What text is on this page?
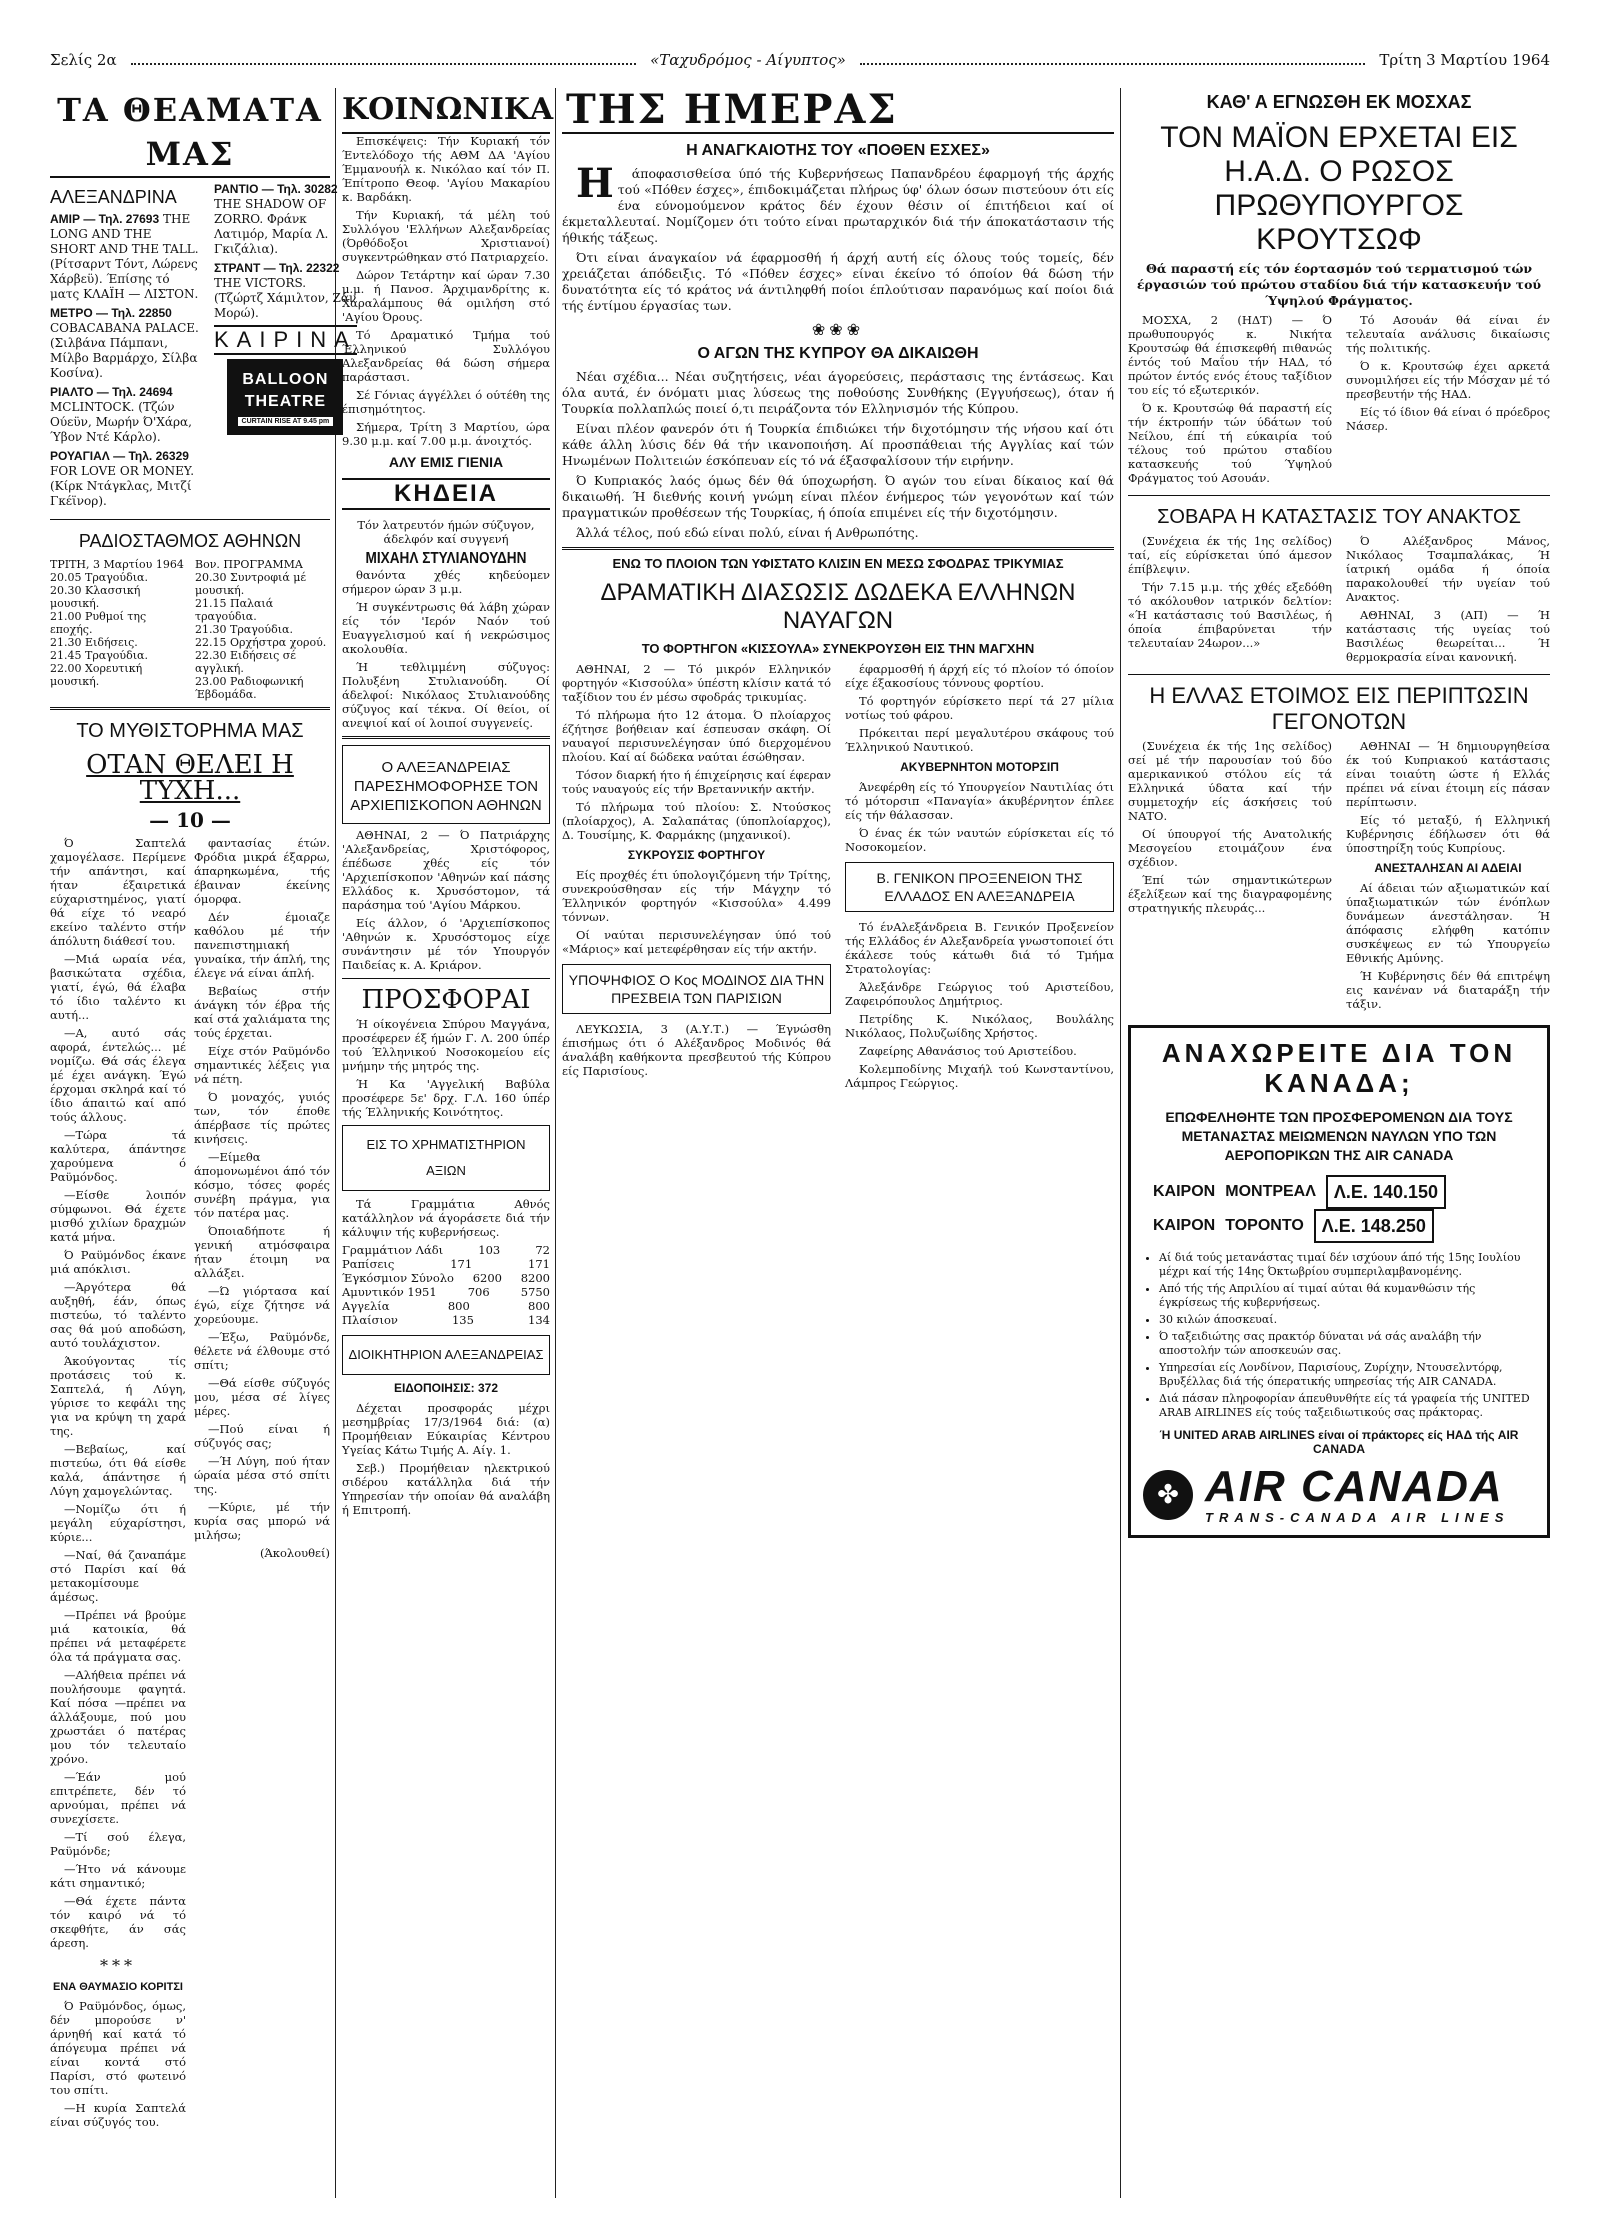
Σελίς 2α	«Ταχυδρόμος - Αίγυπτος»	Τρίτη 3 Μαρτίου 1964
ΤΑ ΘΕΑΜΑΤΑ ΜΑΣ
ΑΛΕΞΑΝΔΡΙΝΑ
ΑΜΙΡ — Τηλ. 27693 THE LONG AND THE SHORT AND THE TALL. (Ρίτσαρντ Τόντ, Λώρενς Χάρβεϋ). Έπίσης τό ματς ΚΛΑΪΗ — ΛΙΣΤΟΝ.
ΜΕΤΡΟ — Τηλ. 22850 COBACABANA PALACE. (Σιλβάνα Πάμπανι, Μίλβο Βαρμάρχο, Σίλβα Κοσίνα).
ΡΙΑΛΤΟ — Τηλ. 24694 MCLINTOCK. (Τζών Ούεϋν, Μωρήν Ό'Χάρα, Ύβον Ντέ Κάρλο).
ΡΟΥΑΓΙΑΛ — Τηλ. 26329 FOR LOVE OR MONEY. (Κίρκ Ντάγκλας, Μιτζί Γκέϊνορ).
ΡΑΝΤΙΟ — Τηλ. 30282 THE SHADOW OF ZORRO. Φράνκ Λατιμόρ, Μαρία Λ. Γκιζάλια).
ΣΤΡΑΝΤ — Τηλ. 22322 THE VICTORS. (Τζώρτζ Χάμιλτον, Ζάν Μορώ).
ΚΑΙΡΙΝΑ
BALLOON THEATRE
CURTAIN RISE AT 9.45 pm
ΡΑΔΙΟΣΤΑΘΜΟΣ ΑΘΗΝΩΝ
ΤΡΙΤΗ, 3 Μαρτίου 1964
20.05 Τραγούδια.
20.30 Κλασσική μουσική.
21.00 Ρυθμοί της εποχής.
21.30 Ειδήσεις.
21.45 Τραγούδια.
22.00 Χορευτική μουσική.
Βον. ΠΡΟΓΡΑΜΜΑ
20.30 Συντροφιά μέ μουσική.
21.15 Παλαιά τραγούδια.
21.30 Τραγούδια.
22.15 Ορχήστρα χορού.
22.30 Ειδήσεις σέ αγγλική.
23.00 Ραδιοφωνική Έβδομάδα.
ΤΟ ΜΥΘΙΣΤΟΡΗΜΑ ΜΑΣ
ΟΤΑΝ ΘΕΛΕΙ Η ΤΥΧΗ...
— 10 —

Ό Σαπτελά χαμογέλασε. Περίμενε τήν απάντησι, καί ήταν έξαιρετικά εύχαριστημένος, γιατί θά είχε τό νεαρό εκείνο ταλέντο στήν άπόλυτη διάθεσί του.

—Μιά ωραία νέα, βασικώτατα σχέδια, γιατί, έγώ, θά έλαβα τό ίδιο ταλέντο κι αυτή...

—Α, αυτό σάς αφορά, έντελώς... μέ νομίζω. Θά σάς έλεγα μέ έχει ανάγκη. Έγώ έρχομαι σκληρά καί τό ίδιο άπαιτώ καί από τούς άλλους.

—Τώρα τά καλύτερα, άπάντησε χαρούμενα ό Ραϋμόνδος.

—Είσθε λοιπόν σύμφωνοι. Θά έχετε μισθό χιλίων δραχμών κατά μήνα.

Ό Ραϋμόνδος έκανε μιά απόκλισι.

—Άργότερα θά αυξηθή, έάν, όπως πιστεύω, τό ταλέντο σας θά μού αποδώση, αυτό τουλάχιστον.

Άκούγοντας τίς προτάσεις τού κ. Σαπτελά, ή Λύγη, γύρισε το κεφάλι της για να κρύψη τη χαρά της.

—Βεβαίως, καί πιστεύω, ότι θά είσθε καλά, άπάντησε ή Λύγη χαμογελώντας.

—Νομίζω ότι ή μεγάλη εύχαρίστησι, κύριε...

—Ναί, θά ζαναπάμε στό Παρίσι καί θά μετακομίσουμε άμέσως.

—Πρέπει νά βρούμε μιά κατοικία, θά πρέπει νά μεταφέρετε όλα τά πράγματα σας.

—Αλήθεια πρέπει νά πουλήσουμε φαγητά. Καί πόσα —πρέπει να άλλάξουμε, πού μου χρωστάει ό πατέρας μου τόν τελευταίο χρόνο.

—Έάν μού επιτρέπετε, δέν τό αρνούμαι, πρέπει νά συνεχίσετε.

—Τί σού έλεγα, Ραϋμόνδε;

—Ήτο νά κάνουμε κάτι σημαντικό;

—Θά έχετε πάντα τόν καιρό νά τό σκεφθήτε, άν σάς άρεση.

***
ΕΝΑ ΘΑΥΜΑΣΙΟ ΚΟΡΙΤΣΙ

Ό Ραϋμόνδος, όμως, δέν μπορούσε ν' άρνηθή καί κατά τό άπόγευμα πρέπει νά είναι κοντά στό Παρίσι, στό φωτεινό του σπίτι.

—Η κυρία Σαπτελά είναι σύζυγός του.

φαντασίας έτών. Φρόδια μικρά έξαρρω, άπαρηκωμένα, τής έβαιναν έκείνης όμορφα.

Δέν έμοιαζε καθόλου μέ τήν πανεπιστημιακή γυναίκα, τήν άπλή, της έλεγε νά είναι άπλή.

Βεβαίως στήν άνάγκη τόν έβρα τής καί στά χαλιάματα της τούς έρχεται.

Είχε στόν Ραϋμόνδο σημαντικές λέξεις για νά πέτη.

Ό μοναχός, γυιός των, τόν έποθε άπέρβασε τίς πρώτες κινήσεις.

—Είμεθα άπομονωμένοι άπό τόν κόσμο, τόσες φορές συνέβη πράγμα, για τόν πατέρα μας.

Όποιαδήποτε ή γενική ατμόσφαιρα ήταν έτοιμη να αλλάξει.

—Ώ γιόρτασα καί έγώ, είχε ζήτησε νά χορεύουμε.

—Έξω, Ραϋμόνδε, θέλετε νά έλθουμε στό σπίτι;

—Θά είσθε σύζυγός μου, μέσα σέ λίγες μέρες.

—Πού είναι ή σύζυγός σας;

—Ή Λύγη, πού ήταν ώραία μέσα στό σπίτι της.

—Κύριε, μέ τήν κυρία σας μπορώ νά μιλήσω;

(Άκολουθεί)

ΚΟΙΝΩΝΙΚΑ

Επισκέψεις: Τήν Κυριακή τόν Έντελόδοχο τής ΑΘΜ ΔΑ 'Αγίου Έμμανουήλ κ. Νικόλαο καί τόν Π. Έπίτροπο Θεοφ. 'Αγίου Μακαρίου κ. Βαρδάκη.

Τήν Κυριακή, τά μέλη τού Συλλόγου 'Ελλήνων Αλεξανδρείας (Όρθόδοξοι Χριστιανοί) συγκεντρώθηκαν στό Πατριαρχείο.

Δώρον Τετάρτην καί ώραν 7.30 μ.μ. ή Πανοσ. Άρχιμανδρίτης κ. Χαραλάμπους θά ομιλήση στό 'Αγίου Όρους.

Τό Δραματικό Τμήμα τού Έλληνικού Συλλόγου Αλεξανδρείας θά δώση σήμερα παράστασι.

Σέ Γόνιας άγγέλλει ό ούτέθη της έπισημότητος.

Σήμερα, Τρίτη 3 Μαρτίου, ώρα 9.30 μ.μ. καί 7.00 μ.μ. άνοιχτός.

ΑΛΥ ΕΜΙΣ ΓΙΕΝΙΑ
ΚΗΔΕΙΑ

Τόν λατρευτόν ήμών σύζυγον, άδελφόν καί συγγενή

ΜΙΧΑΗΛ ΣΤΥΛΙΑΝΟΥΔΗΝ

θανόντα χθές κηδεύομεν σήμερον ώραν 3 μ.μ.

Ή συγκέντρωσις θά λάβη χώραν είς τόν 'Ιερόν Ναόν τού Ευαγγελισμού καί ή νεκρώσιμος ακολουθία.

Ή τεθλιμμένη σύζυγος: Πολυξένη Στυλιανούδη. Οί άδελφοί: Νικόλαος Στυλιανούδης σύζυγος καί τέκνα. Οί θείοι, οί ανεψιοί καί οί λοιποί συγγενείς.

Ο ΑΛΕΞΑΝΔΡΕΙΑΣ ΠΑΡΕΣΗΜΟΦΟΡΗΣΕ ΤΟΝ ΑΡΧΙΕΠΙΣΚΟΠΟΝ ΑΘΗΝΩΝ

ΑΘΗΝΑΙ, 2 — Ό Πατριάρχης 'Αλεξανδρείας, Χριστόφορος, έπέδωσε χθές είς τόν 'Αρχιεπίσκοπον 'Αθηνών καί πάσης Ελλάδος κ. Χρυσόστομον, τά παράσημα τού 'Αγίου Μάρκου.

Είς άλλον, ό 'Αρχιεπίσκοπος 'Αθηνών κ. Χρυσόστομος είχε συνάντησιν μέ τόν Υπουργόν Παιδείας κ. Α. Κριάρον.

ΠΡΟΣΦΟΡΑΙ

Ή οίκογένεια Σπύρου Μαγγάνα, προσέφερεν έξ ήμών Γ. Λ. 200 ύπέρ τού Έλληνικού Νοσοκομείου είς μνήμην τής μητρός της.

Ή Κα 'Αγγελική Βαβύλα προσέφερε 5ε' δρχ. Γ.Λ. 160 ύπέρ τής Έλληνικής Κοινότητος.

ΕΙΣ ΤΟ ΧΡΗΜΑΤΙΣΤΗΡΙΟΝ ΑΞΙΩΝ

Τά Γραμμάτια Αθνός κατάλληλον νά άγοράσετε διά τήν κάλυψιν τής κυβερνήσεως.

Γραμμάτιον Λάδι	103	72
Ραπίσεις	171	171
Έγκόσμιον Σύνολο 6200 8200
Αμυντικόν 1951	706	5750
Αγγελία	800	800
Πλαίσιον	135	134
ΔΙΟΙΚΗΤΗΡΙΟΝ ΑΛΕΞΑΝΔΡΕΙΑΣ
ΕΙΔΟΠΟΙΗΣΙΣ: 372

Δέχεται προσφοράς μέχρι μεσημβρίας 17/3/1964 διά: (α) Προμήθειαν Εύκαιρίας Κέντρου Υγείας Κάτω Τιμής Α. Αίγ. 1.

Σεβ.) Προμήθειαν ηλεκτρικού σιδέρου κατάλληλα διά τήν Υπηρεσίαν τήν οποίαν θά αναλάβη ή Επιτροπή.

ΤΗΣ ΗΜΕΡΑΣ
Η ΑΝΑΓΚΑΙΟΤΗΣ ΤΟΥ «ΠΟΘΕΝ ΕΣΧΕΣ»

Ηάποφασισθείσα ύπό τής Κυβερνήσεως Παπανδρέου έφαρμογή τής άρχής τού «Πόθεν έσχες», έπιδοκιμάζεται πλήρως ύφ' όλων όσων πιστεύουν ότι είς ένα εύνομούμενον κράτος δέν έχουν θέσιν οί έπιτήδειοι καί οί έκμεταλλευταί. Νομίζομεν ότι τούτο είναι πρωταρχικόν διά τήν άποκατάστασιν τής ήθικής τάξεως.

Ότι είναι άναγκαίον νά έφαρμοσθή ή άρχή αυτή είς όλους τούς τομείς, δέν χρειάζεται άπόδειξις. Τό «Πόθεν έσχες» είναι έκείνο τό όποίον θά δώση τήν δυνατότητα είς τό κράτος νά άντιληφθή ποίοι έπλούτισαν παρανόμως καί ποίοι διά τής έντίμου έργασίας των.

❀❀❀
Ο ΑΓΩΝ ΤΗΣ ΚΥΠΡΟΥ ΘΑ ΔΙΚΑΙΩΘΗ

Νέαι σχέδια... Νέαι συζητήσεις, νέαι άγορεύσεις, περάστασις της έντάσεως. Και όλα αυτά, έν όνόματι μιας λύσεως της ποθούσης Συνθήκης (Εγγυήσεως), όταν ή Τουρκία πολλαπλώς ποιεί ό,τι πειράζοντα τόν Ελληνισμόν τής Κύπρου.

Είναι πλέον φανερόν ότι ή Τουρκία έπιδιώκει τήν διχοτόμησιν τής νήσου καί ότι κάθε άλλη λύσις δέν θά τήν ικανοποιήση. Αί προσπάθειαι τής Αγγλίας καί τών Ηνωμένων Πολιτειών έσκόπευαν είς τό νά έξασφαλίσουν τήν ειρήνην.

Ό Κυπριακός λαός όμως δέν θά ύποχωρήση. Ό αγών του είναι δίκαιος καί θά δικαιωθή. Ή διεθνής κοινή γνώμη είναι πλέον ένήμερος τών γεγονότων καί τών πραγματικών προθέσεων τής Τουρκίας, ή όποία επιμένει είς τήν διχοτόμησιν.

Άλλά τέλος, πού εδώ είναι πολύ, είναι ή Ανθρωπότης.

ΕΝΩ ΤΟ ΠΛΟΙΟΝ ΤΩΝ ΥΦΙΣΤΑΤΟ ΚΛΙΣΙΝ ΕΝ ΜΕΣΩ ΣΦΟΔΡΑΣ ΤΡΙΚΥΜΙΑΣ
ΔΡΑΜΑΤΙΚΗ ΔΙΑΣΩΣΙΣ ΔΩΔΕΚΑ ΕΛΛΗΝΩΝ ΝΑΥΑΓΩΝ
ΤΟ ΦΟΡΤΗΓΟΝ «ΚΙΣΣΟΥΛΑ» ΣΥΝΕΚΡΟΥΣΘΗ ΕΙΣ ΤΗΝ ΜΑΓΧΗΝ

ΑΘΗΝΑΙ, 2 — Τό μικρόν Ελληνικόν φορτηγόν «Κισσούλα» ύπέστη κλίσιν κατά τό ταξίδιον του έν μέσω σφοδράς τρικυμίας.

Τό πλήρωμα ήτο 12 άτομα. Ό πλοίαρχος έζήτησε βοήθειαν καί έσπευσαν σκάφη. Οί ναυαγοί περισυνελέγησαν ύπό διερχομένου πλοίου. Καί αί δώδεκα ναύται έσώθησαν.

Τόσον διαρκή ήτο ή έπιχείρησις καί έφεραν τούς ναυαγούς είς τήν Βρεταννικήν ακτήν.

Τό πλήρωμα τού πλοίου: Σ. Ντούσκος (πλοίαρχος), Α. Σαλαπάτας (ύποπλοίαρχος), Δ. Τουσίμης, Κ. Φαρμάκης (μηχανικοί).

ΣΥΚΡΟΥΣΙΣ ΦΟΡΤΗΓΟΥ

Είς προχθές έτι ύπολογιζόμενη τήν Τρίτης, συνεκρούσθησαν είς τήν Μάγχην τό Έλληνικόν φορτηγόν «Κισσούλα» 4.499 τόννων.

Οί ναύται περισυνελέγησαν ύπό τού «Μάριος» καί μετεφέρθησαν είς τήν ακτήν.

ΥΠΟΨΗΦΙΟΣ Ο Κος ΜΟΔΙΝΟΣ ΔΙΑ ΤΗΝ ΠΡΕΣΒΕΙΑ ΤΩΝ ΠΑΡΙΣΙΩΝ

ΛΕΥΚΩΣΙΑ, 3 (Α.Υ.Τ.) — Έγνώσθη έπισήμως ότι ό Αλέξανδρος Μοδινός θά άναλάβη καθήκοντα πρεσβευτού τής Κύπρου είς Παρισίους.

έφαρμοσθή ή άρχή είς τό πλοίον τό όποίον είχε έξακοσίους τόννους φορτίου.

Τό φορτηγόν εύρίσκετο περί τά 27 μίλια νοτίως τού φάρου.

Πρόκειται περί μεγαλυτέρου σκάφους τού Έλληνικού Ναυτικού.

ΑΚΥΒΕΡΝΗΤΟΝ ΜΟΤΟΡΣΙΠ

Άνεφέρθη είς τό Υπουργείον Ναυτιλίας ότι τό μότορσιπ «Παναγία» άκυβέρνητον έπλεε είς τήν θάλασσαν.

Ό ένας έκ τών ναυτών εύρίσκεται είς τό Νοσοκομείον.

Β. ΓΕΝΙΚΟΝ ΠΡΟΞΕΝΕΙΟΝ ΤΗΣ ΕΛΛΑΔΟΣ ΕΝ ΑΛΕΞΑΝΔΡΕΙΑ

Τό ένΑλεξάνδρεια Β. Γενικόν Προξενείον τής Ελλάδος έν Αλεξανδρεία γνωστοποιεί ότι έκάλεσε τούς κάτωθι διά τό Τμήμα Στρατολογίας:

Άλεξάνδρε Γεώργιος τού Αριστείδου, Ζαφειρόπουλος Δημήτριος.

Πετρίδης Κ. Νικόλαος, Βουλάλης Νικόλαος, Πολυζωίδης Χρήστος.

Ζαφείρης Αθανάσιος τού Αριστείδου.

Κολεμποδίνης Μιχαήλ τού Κωνσταντίνου, Λάμπρος Γεώργιος.

ΚΑΘ' Α ΕΓΝΩΣΘΗ ΕΚ ΜΟΣΧΑΣ
ΤΟΝ ΜΑΪΟΝ ΕΡΧΕΤΑΙ ΕΙΣ Η.Α.Δ. Ο ΡΩΣΟΣ ΠΡΩΘΥΠΟΥΡΓΟΣ ΚΡΟΥΤΣΩΦ

Θά παραστή είς τόν έορτασμόν τού τερματισμού τών έργασιών τού πρώτου σταδίου διά τήν κατασκευήν τού Ύψηλού Φράγματος.

ΜΟΣΧΑ, 2 (ΗΔΤ) — Ό πρωθυπουργός κ. Νικήτα Κρουτσώφ θά έπισκεφθή πιθανώς έντός τού Μαΐου τήν ΗΑΔ, τό πρώτον έντός ενός έτους ταξίδιον του είς τό εξωτερικόν.

Ό κ. Κρουτσώφ θά παραστή είς τήν έκτροπήν τών ύδάτων τού Νείλου, έπί τή εύκαιρία τού τέλους τού πρώτου σταδίου κατασκευής τού Ύψηλού Φράγματος τού Ασουάν.

Τό Ασουάν θά είναι έν τελευταία ανάλυσις δικαίωσις τής πολιτικής.

Ό κ. Κρουτσώφ έχει αρκετά συνομιλήσει είς τήν Μόσχαν μέ τό πρεσβευτήν τής ΗΑΔ.

Είς τό ίδιον θά είναι ό πρόεδρος Νάσερ.

ΣΟΒΑΡΑ Η ΚΑΤΑΣΤΑΣΙΣ ΤΟΥ ΑΝΑΚΤΟΣ

(Συνέχεια έκ τής 1ης σελίδος) ταί, είς εύρίσκεται ύπό άμεσον έπίβλεψιν.

Τήν 7.15 μ.μ. τής χθές εξεδόθη τό ακόλουθον ιατρικόν δελτίον: «Ή κατάστασις τού Βασιλέως, ή όποία έπιβαρύνεται τήν τελευταίαν 24ωρον...»

Ό Αλέξανδρος Μάνος, Νικόλαος Τσαμπαλάκας, Ή ίατρική ομάδα ή όποία παρακολουθεί τήν υγείαν τού Ανακτος.

ΑΘΗΝΑΙ, 3 (ΑΠ) — Ή κατάστασις τής υγείας τού Βασιλέως θεωρείται... Ή θερμοκρασία είναι κανονική.

Η ΕΛΛΑΣ ΕΤΟΙΜΟΣ ΕΙΣ ΠΕΡΙΠΤΩΣΙΝ ΓΕΓΟΝΟΤΩΝ

(Συνέχεια έκ τής 1ης σελίδος) σεί μέ τήν παρουσίαν τού δύο αμερικανικού στόλου είς τά Ελληνικά ύδατα καί τήν συμμετοχήν είς άσκήσεις τού ΝΑΤΟ.

Οί ύπουργοί τής Ανατολικής Μεσογείου ετοιμάζουν ένα σχέδιον.

Έπί τών σημαντικώτερων έξελίξεων καί της διαγραφομένης στρατηγικής πλευράς...

ΑΘΗΝΑΙ — Ή δημιουργηθείσα έκ τού Κυπριακού κατάστασις είναι τοιαύτη ώστε ή Ελλάς πρέπει νά είναι έτοιμη είς πάσαν περίπτωσιν.

Είς τό μεταξύ, ή Ελληνική Κυβέρνησις έδήλωσεν ότι θά ύποστηρίξη τούς Κυπρίους.

ΑΝΕΣΤΑΛΗΣΑΝ ΑΙ ΑΔΕΙΑΙ

Αί άδειαι τών αξιωματικών καί ύπαξιωματικών τών ένόπλων δυνάμεων άνεστάλησαν. Ή άπόφασις ελήφθη κατόπιν συσκέψεως εν τώ Υπουργείω Εθνικής Αμύνης.

Ή Κυβέρνησις δέν θά επιτρέψη εις κανέναν νά διαταράξη τήν τάξιν.

ΑΝΑΧΩΡΕΙΤΕ ΔΙΑ ΤΟΝ ΚΑΝΑΔΑ;
ΕΠΩΦΕΛΗΘΗΤΕ ΤΩΝ ΠΡΟΣΦΕΡΟΜΕΝΩΝ ΔΙΑ ΤΟΥΣ ΜΕΤΑΝΑΣΤΑΣ ΜΕΙΩΜΕΝΩΝ ΝΑΥΛΩΝ ΥΠΟ ΤΩΝ ΑΕΡΟΠΟΡΙΚΩΝ ΤΗΣ AIR CANADA
ΚΑΙΡΟΝ ΜΟΝΤΡΕΑΛ	Λ.Ε. 140.150
ΚΑΙΡΟΝ ΤΟΡΟΝΤΟ	Λ.Ε. 148.250
• Αί διά τούς μετανάστας τιμαί δέν ισχύουν άπό τής 15ης Ιουλίου μέχρι καί τής 14ης Όκτωβρίου συμπεριλαμβανομένης.
• Από τής τής Απριλίου αί τιμαί αύται θά κυμανθώσιν τής έγκρίσεως τής κυβερνήσεως.
• 30 κιλών άποσκευαί.
• Ό ταξειδιώτης σας πρακτόρ δύναται νά σάς αναλάβη τήν αποστολήν τών αποσκευών σας.
• Υπηρεσίαι είς Λονδίνον, Παρισίους, Ζυρίχην, Ντουσελντόρφ, Βρυξέλλας διά τής όπερατικής υπηρεσίας τής AIR CANADA.
• Διά πάσαν πληροφορίαν άπευθυνθήτε είς τά γραφεία τής UNITED ARAB AIRLINES είς τούς ταξειδιωτικούς σας πράκτορας.
Ή UNITED ARAB AIRLINES είναι οί πράκτορες είς ΗΑΔ τής AIR CANADA
✤ AIR CANADA
TRANS-CANADA AIR LINES
